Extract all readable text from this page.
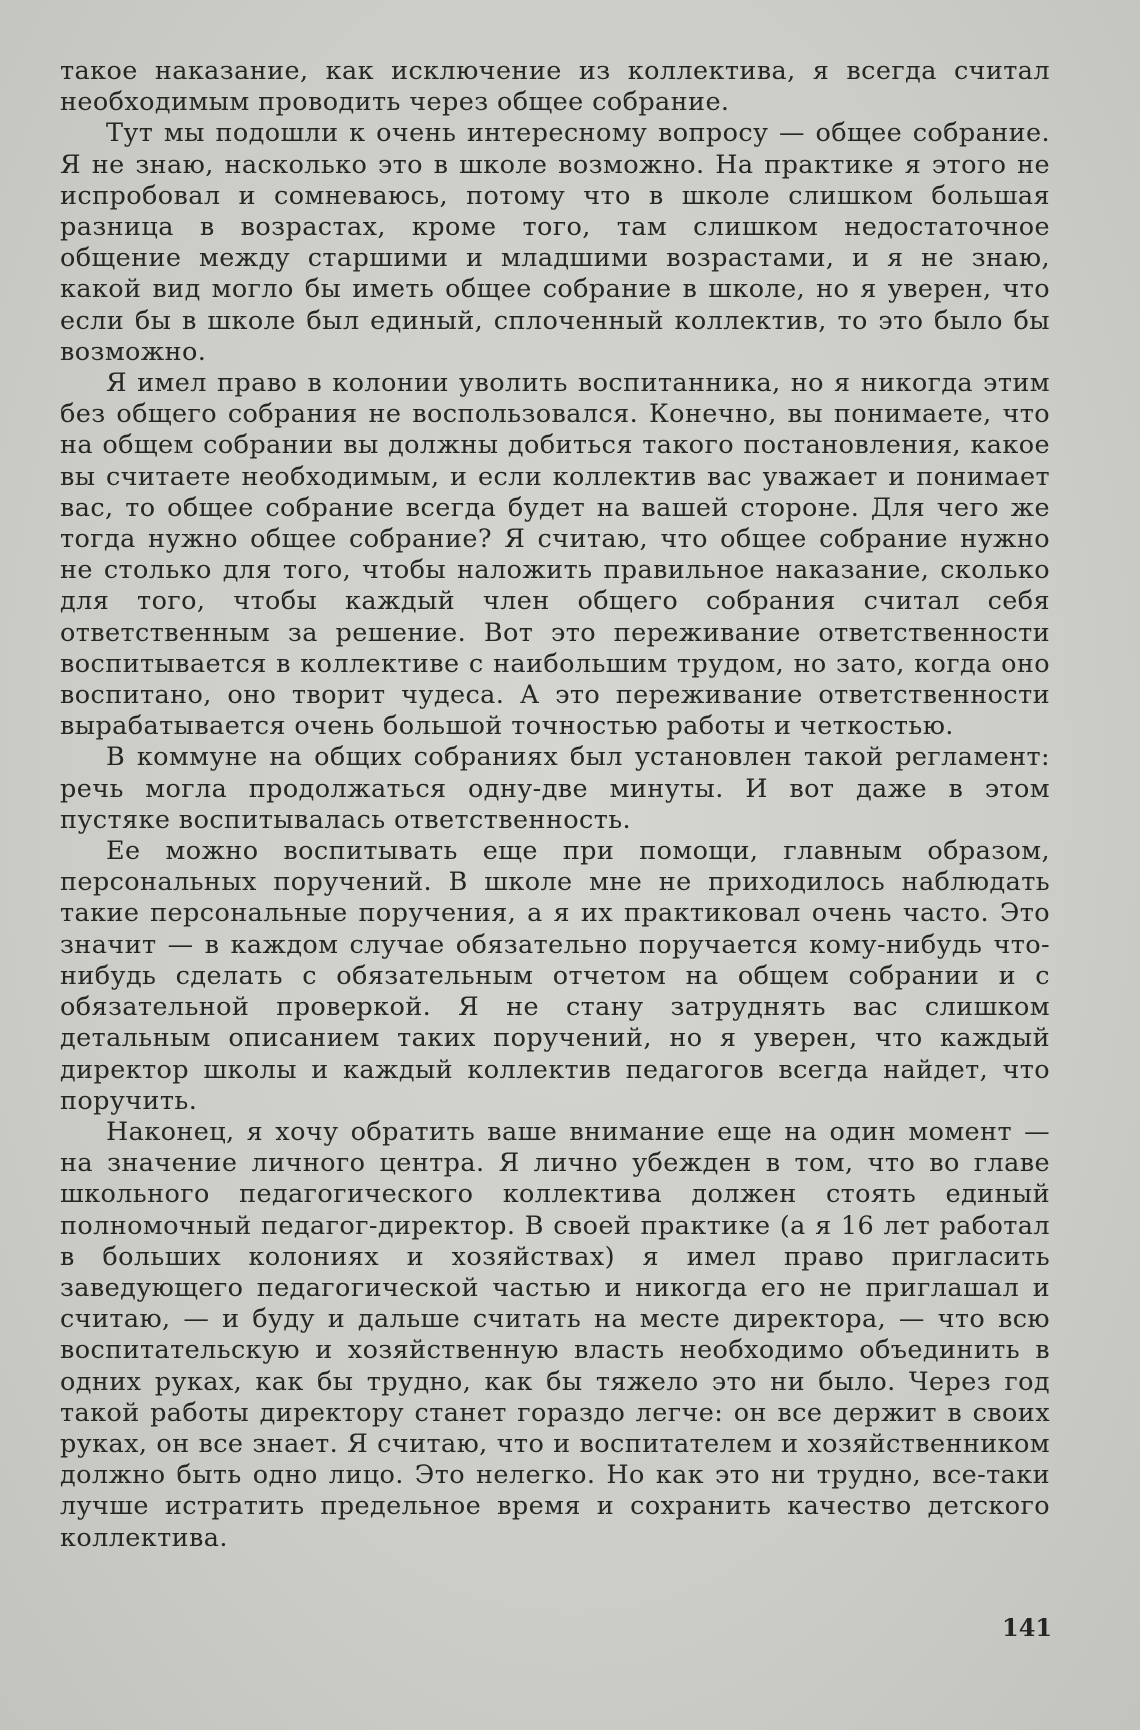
такое наказание, как исключение из коллектива, я всегда считал необходимым проводить через общее собрание.

Тут мы подошли к очень интересному вопросу — общее собрание. Я не знаю, насколько это в школе возможно. На практике я этого не испробовал и сомневаюсь, потому что в школе слишком большая разница в возрастах, кроме того, там слишком недостаточное общение между старшими и младшими возрастами, и я не знаю, какой вид могло бы иметь общее собрание в школе, но я уверен, что если бы в школе был единый, сплоченный коллектив, то это было бы возможно.

Я имел право в колонии уволить воспитанника, но я никогда этим без общего собрания не воспользовался. Конечно, вы понимаете, что на общем собрании вы должны добиться такого постановления, какое вы считаете необходимым, и если коллектив вас уважает и понимает вас, то общее собрание всегда будет на вашей стороне. Для чего же тогда нужно общее собрание? Я считаю, что общее собрание нужно не столько для того, чтобы наложить правильное наказание, сколько для того, чтобы каждый член общего собрания считал себя ответственным за решение. Вот это переживание ответственности воспитывается в коллективе с наибольшим трудом, но зато, когда оно воспитано, оно творит чудеса. А это переживание ответственности вырабатывается очень большой точностью работы и четкостью.

В коммуне на общих собраниях был установлен такой регламент: речь могла продолжаться одну-две минуты. И вот даже в этом пустяке воспитывалась ответственность.

Ее можно воспитывать еще при помощи, главным образом, персональных поручений. В школе мне не приходилось наблюдать такие персональные поручения, а я их практиковал очень часто. Это значит — в каждом случае обязательно поручается кому-нибудь что-нибудь сделать с обязательным отчетом на общем собрании и с обязательной проверкой. Я не стану затруднять вас слишком детальным описанием таких поручений, но я уверен, что каждый директор школы и каждый коллектив педагогов всегда найдет, что поручить.

Наконец, я хочу обратить ваше внимание еще на один момент — на значение личного центра. Я лично убежден в том, что во главе школьного педагогического коллектива должен стоять единый полномочный педагог-директор. В своей практике (а я 16 лет работал в больших колониях и хозяйствах) я имел право пригласить заведующего педагогической частью и никогда его не приглашал и считаю, — и буду и дальше считать на месте директора, — что всю воспитательскую и хозяйственную власть необходимо объединить в одних руках, как бы трудно, как бы тяжело это ни было. Через год такой работы директору станет гораздо легче: он все держит в своих руках, он все знает. Я считаю, что и воспитателем и хозяйственником должно быть одно лицо. Это нелегко. Но как это ни трудно, все-таки лучше истратить предельное время и сохранить качество детского коллектива.

141
